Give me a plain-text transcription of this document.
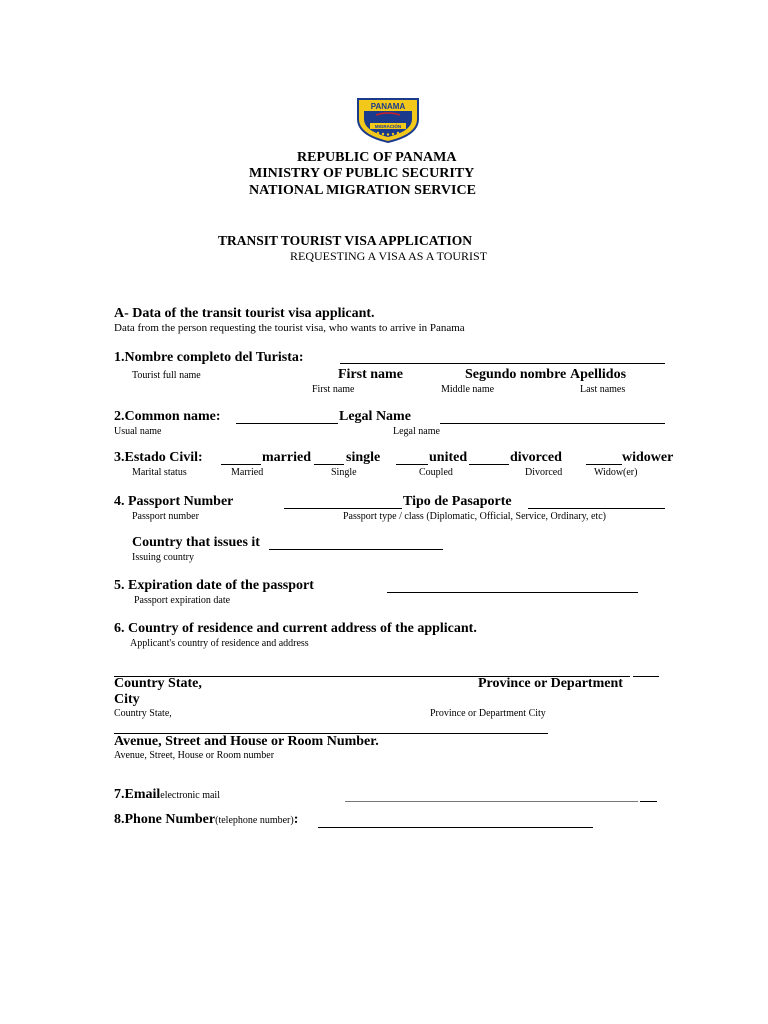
PANAMA
MIGRACIÓN
REPUBLIC OF PANAMA
MINISTRY OF PUBLIC SECURITY
NATIONAL MIGRATION SERVICE
TRANSIT TOURIST VISA APPLICATION
REQUESTING A VISA AS A TOURIST
A- Data of the transit tourist visa applicant.
Data from the person requesting the tourist visa, who wants to arrive in Panama
1.Nombre completo del Turista:
First name	Segundo nombre Apellidos
Tourist full name
First name	Middle name	Last names
2.Common name:	Legal Name
Usual name	Legal name
3.Estado Civil:	married	single	united	divorced	widower
Marital status	Married	Single	Coupled	Divorced	Widow(er)
4. Passport Number	Tipo de Pasaporte
Passport number	Passport type / class (Diplomatic, Official, Service, Ordinary, etc)
Country that issues it
Issuing country
5. Expiration date of the passport
Passport expiration date
6. Country of residence and current address of the applicant.
Applicant's country of residence and address
Country State,	Province or Department
City
Country State,	Province or Department City
Avenue, Street and House or Room Number.
Avenue, Street, House or Room number
7.Emailelectronic mail
8.Phone Number(telephone number):
